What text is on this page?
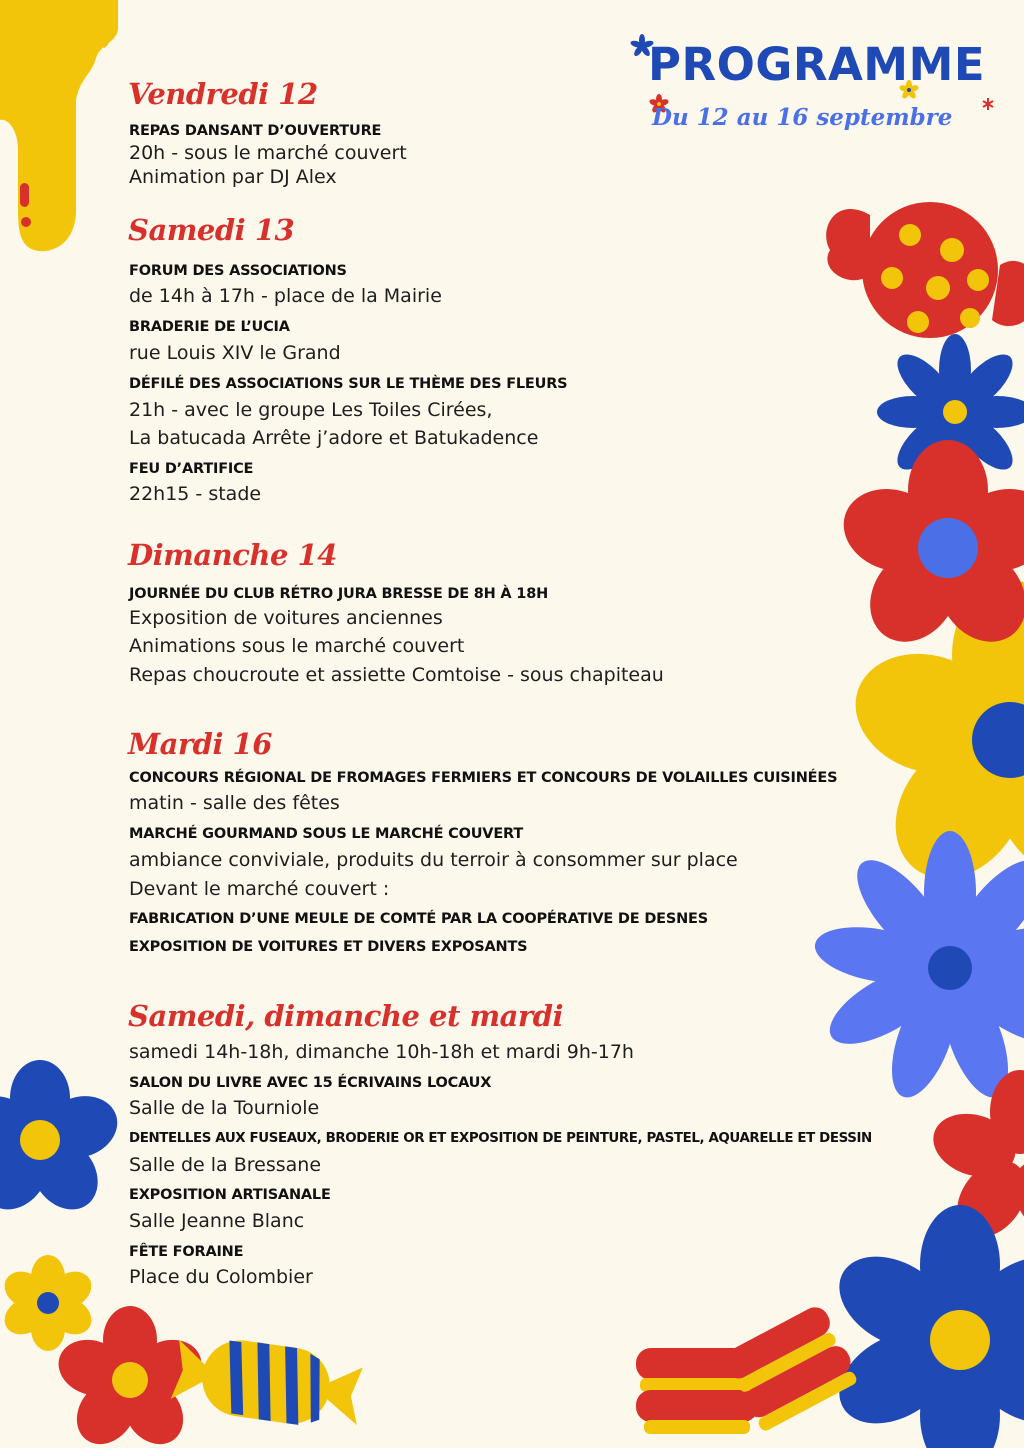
PROGRAMME
Du 12 au 16 septembre
Vendredi 12
REPAS DANSANT D’OUVERTURE
20h - sous le marché couvert
Animation par DJ Alex
Samedi 13
FORUM DES ASSOCIATIONS
de 14h à 17h - place de la Mairie
BRADERIE DE L’UCIA
rue Louis XIV le Grand
DÉFILÉ DES ASSOCIATIONS SUR LE THÈME DES FLEURS
21h - avec le groupe Les Toiles Cirées,
La batucada Arrête j’adore et Batukadence
FEU D’ARTIFICE
22h15 - stade
Dimanche 14
JOURNÉE DU CLUB RÉTRO JURA BRESSE DE 8H À 18H
Exposition de voitures anciennes
Animations sous le marché couvert
Repas choucroute et assiette Comtoise - sous chapiteau
Mardi 16
CONCOURS RÉGIONAL DE FROMAGES FERMIERS ET CONCOURS DE VOLAILLES CUISINÉES
matin - salle des fêtes
MARCHÉ GOURMAND SOUS LE MARCHÉ COUVERT
ambiance conviviale, produits du terroir à consommer sur place
Devant le marché couvert :
FABRICATION D’UNE MEULE DE COMTÉ PAR LA COOPÉRATIVE DE DESNES
EXPOSITION DE VOITURES ET DIVERS EXPOSANTS
Samedi, dimanche et mardi
samedi 14h-18h, dimanche 10h-18h et mardi 9h-17h
SALON DU LIVRE AVEC 15 ÉCRIVAINS LOCAUX
Salle de la Tourniole
DENTELLES AUX FUSEAUX, BRODERIE OR ET EXPOSITION DE PEINTURE, PASTEL, AQUARELLE ET DESSIN
Salle de la Bressane
EXPOSITION ARTISANALE
Salle Jeanne Blanc
FÊTE FORAINE
Place du Colombier
